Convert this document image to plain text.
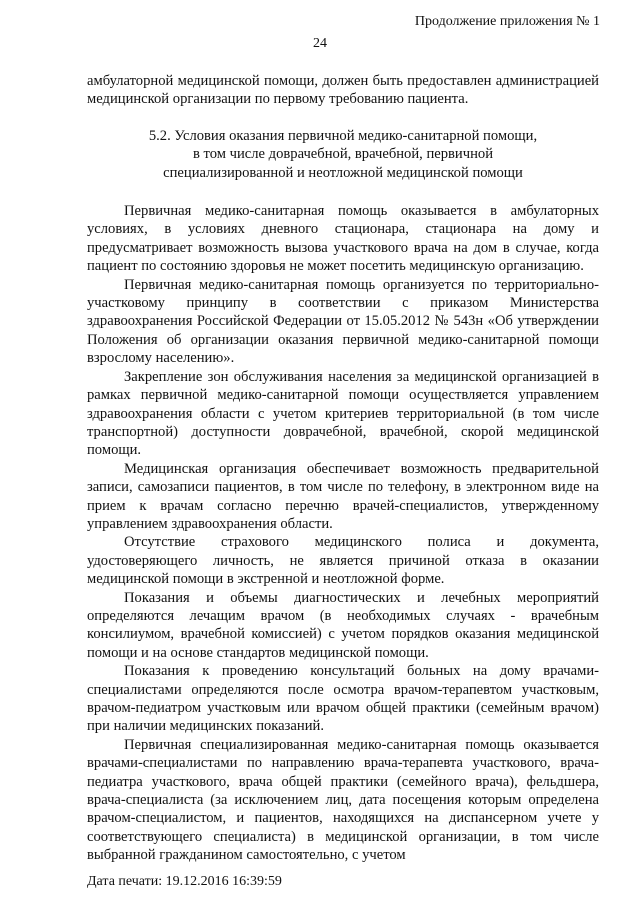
Продолжение приложения № 1
24

амбулаторной медицинской помощи, должен быть предоставлен администрацией медицинской организации по первому требованию пациента.

5.2. Условия оказания первичной медико-санитарной помощи,
в том числе доврачебной, врачебной, первичной
специализированной и неотложной медицинской помощи

Первичная медико-санитарная помощь оказывается в амбулаторных условиях, в условиях дневного стационара, стационара на дому и предусматривает возможность вызова участкового врача на дом в случае, когда пациент по состоянию здоровья не может посетить медицинскую организацию.

Первичная медико-санитарная помощь организуется по территориально-участковому принципу в соответствии с приказом Министерства здравоохранения Российской Федерации от 15.05.2012 № 543н «Об утверждении Положения об организации оказания первичной медико-санитарной помощи взрослому населению».

Закрепление зон обслуживания населения за медицинской организацией в рамках первичной медико-санитарной помощи осуществляется управлением здравоохранения области с учетом критериев территориальной (в том числе транспортной) доступности доврачебной, врачебной, скорой медицинской помощи.

Медицинская организация обеспечивает возможность предварительной записи, самозаписи пациентов, в том числе по телефону, в электронном виде на прием к врачам согласно перечню врачей-специалистов, утвержденному управлением здравоохранения области.

Отсутствие страхового медицинского полиса и документа, удостоверяющего личность, не является причиной отказа в оказании медицинской помощи в экстренной и неотложной форме.

Показания и объемы диагностических и лечебных мероприятий определяются лечащим врачом (в необходимых случаях - врачебным консилиумом, врачебной комиссией) с учетом порядков оказания медицинской помощи и на основе стандартов медицинской помощи.

Показания к проведению консультаций больных на дому врачами-специалистами определяются после осмотра врачом-терапевтом участковым, врачом-педиатром участковым или врачом общей практики (семейным врачом) при наличии медицинских показаний.

Первичная специализированная медико-санитарная помощь оказывается врачами-специалистами по направлению врача-терапевта участкового, врача-педиатра участкового, врача общей практики (семейного врача), фельдшера, врача-специалиста (за исключением лиц, дата посещения которым определена врачом-специалистом, и пациентов, находящихся на диспансерном учете у соответствующего специалиста) в медицинской организации, в том числе выбранной гражданином самостоятельно, с учетом

Дата печати: 19.12.2016 16:39:59
